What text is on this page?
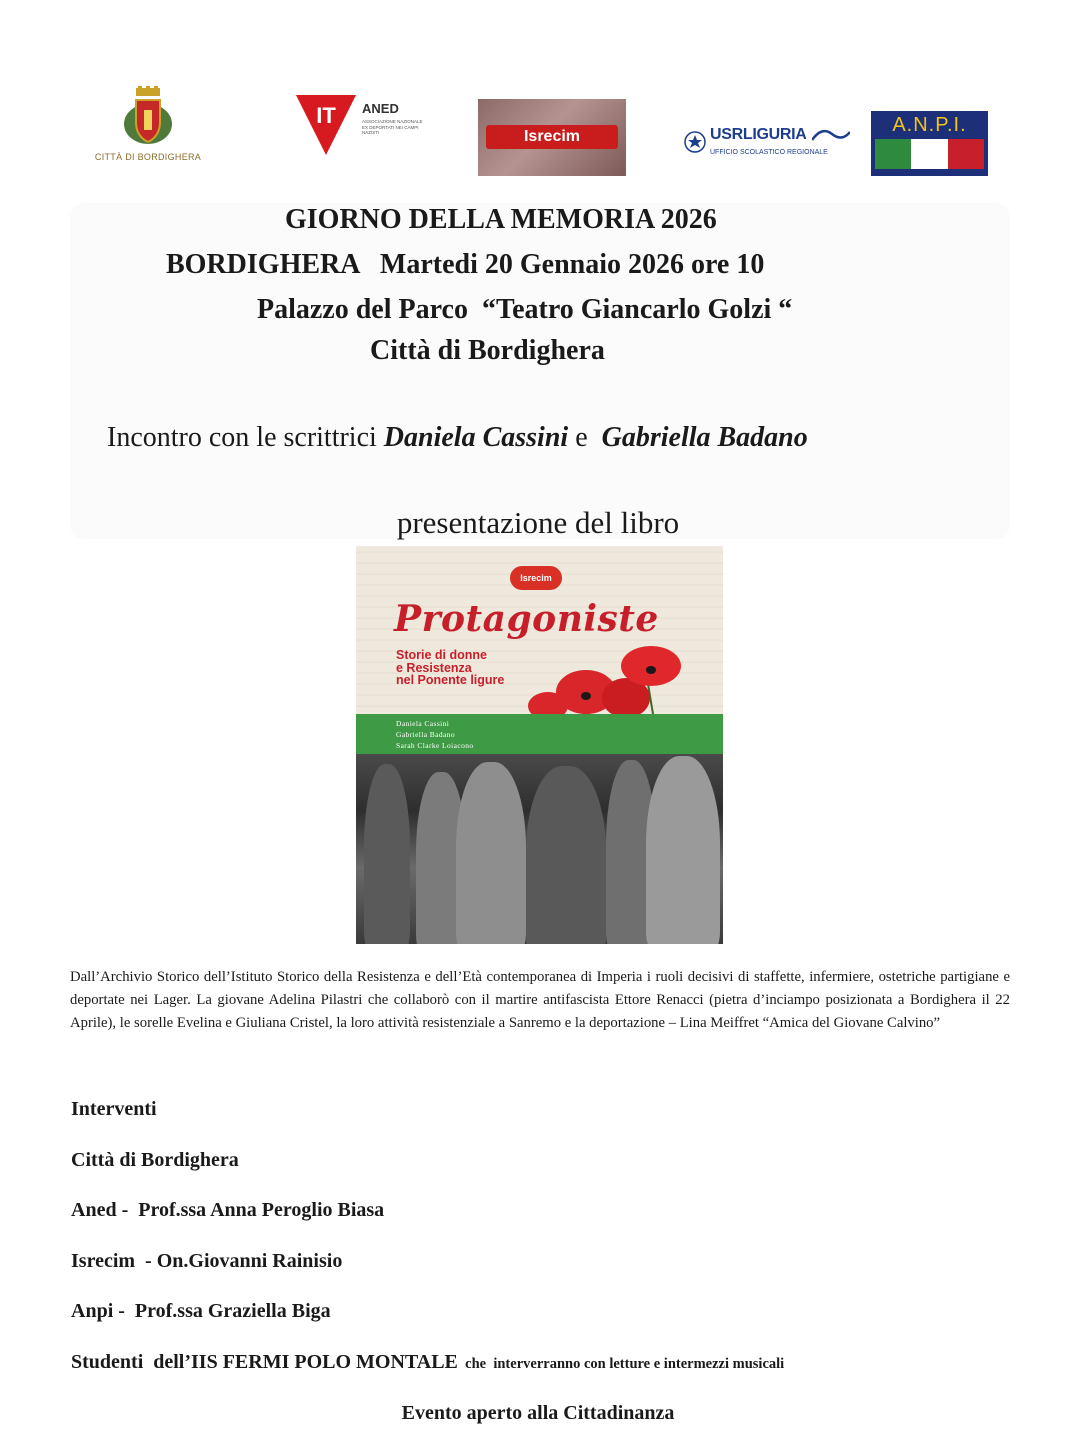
CITTÀ DI BORDIGHERA
IT ANED
ASSOCIAZIONE NAZIONALE EX DEPORTATI NEI CAMPI NAZISTI	Isrecim	USRLIGURIA
UFFICIO SCOLASTICO REGIONALE
A.N.P.I.
GIORNO DELLA MEMORIA 2026
BORDIGHERA   Martedi 20 Gennaio 2026 ore 10
Palazzo del Parco  “Teatro Giancarlo Golzi “
Città di Bordighera
Incontro con le scrittrici Daniela Cassini e  Gabriella Badano
presentazione del libro
Isrecim
Protagoniste
Storie di donne
e Resistenza
nel Ponente ligure
Daniela Cassini
Gabriella Badano
Sarah Clarke Loiacono
Dall’Archivio Storico dell’Istituto Storico della Resistenza e dell’Età contemporanea di Imperia i ruoli decisivi di staffette, infermiere, ostetriche partigiane e deportate nei Lager. La giovane Adelina Pilastri che collaborò con il martire antifascista Ettore Renacci (pietra d’inciampo posizionata a Bordighera il 22 Aprile), le sorelle Evelina e Giuliana Cristel, la loro attività resistenziale a Sanremo e la deportazione – Lina Meiffret “Amica del Giovane Calvino”
Interventi
Città di Bordighera
Aned -  Prof.ssa Anna Peroglio Biasa
Isrecim  - On.Giovanni Rainisio
Anpi -  Prof.ssa Graziella Biga
Studenti  dell’IIS FERMI POLO MONTALE  che  interverranno con letture e intermezzi musicali
Evento aperto alla Cittadinanza
